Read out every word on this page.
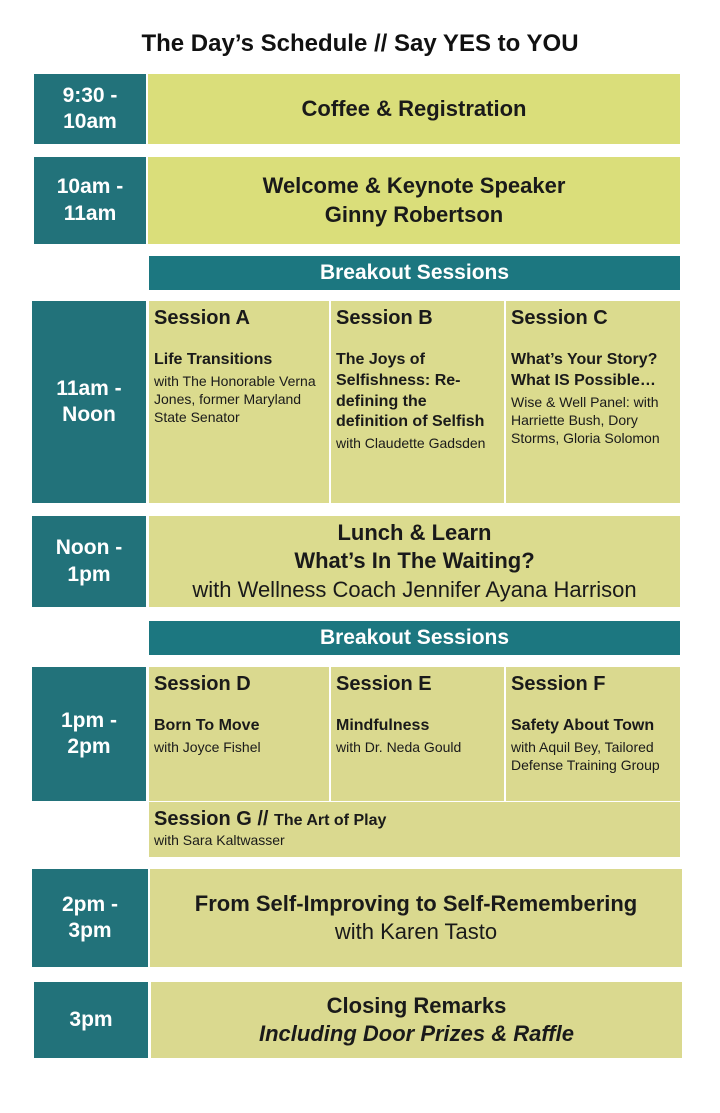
The Day’s Schedule // Say YES to YOU
9:30 -
10am
Coffee & Registration
10am -
11am
Welcome & Keynote Speaker
Ginny Robertson
Breakout Sessions
11am -
Noon
Session A
Life Transitions
with The Honorable Verna Jones, former Maryland State Senator
Session B
The Joys of Selfishness: Re-defining the definition of Selfish
with Claudette Gadsden
Session C
What’s Your Story? What IS Possible…
Wise & Well Panel: with Harriette Bush, Dory Storms, Gloria Solomon
Noon -
1pm
Lunch & Learn
What’s In The Waiting?
with Wellness Coach Jennifer Ayana Harrison
Breakout Sessions
1pm -
2pm
Session D
Born To Move
with Joyce Fishel
Session E
Mindfulness
with Dr. Neda Gould
Session F
Safety About Town
with Aquil Bey, Tailored Defense Training Group
Session G // The Art of Play
with Sara Kaltwasser
2pm -
3pm
From Self-Improving to Self-Remembering
with Karen Tasto
3pm
Closing Remarks
Including Door Prizes & Raffle
